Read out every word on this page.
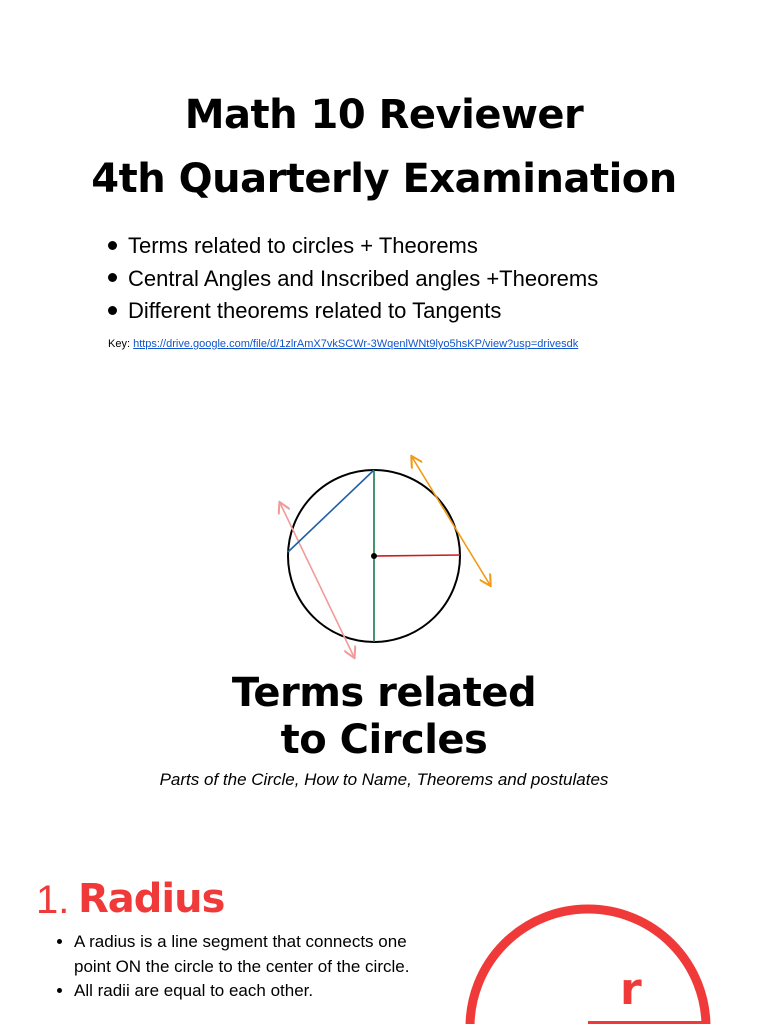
Math 10 Reviewer
4th Quarterly Examination
Terms related to circles + Theorems
Central Angles and Inscribed angles +Theorems
Different theorems related to Tangents
Key: https://drive.google.com/file/d/1zlrAmX7vkSCWr-3WqenlWNt9lyo5hsKP/view?usp=drivesdk
Terms related
to Circles
Parts of the Circle, How to Name, Theorems and postulates
1. Radius
• A radius is a line segment that connects one point ON the circle to the center of the circle.
• All radii are equal to each other.	r
